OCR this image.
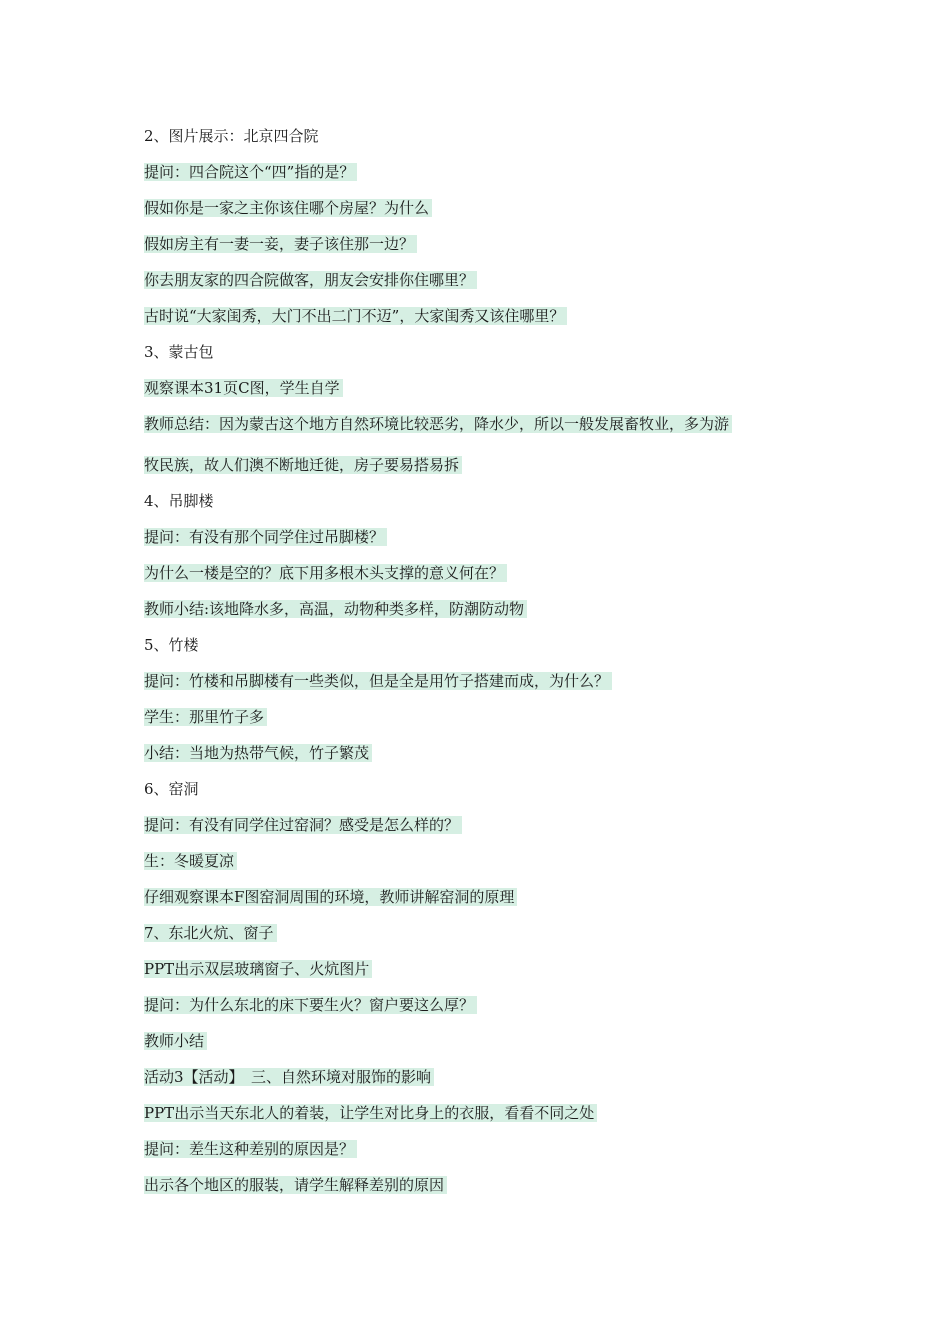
2、图片展示：北京四合院
提问：四合院这个“四”指的是？
假如你是一家之主你该住哪个房屋？为什么
假如房主有一妻一妾，妻子该住那一边？
你去朋友家的四合院做客，朋友会安排你住哪里？
古时说“大家闺秀，大门不出二门不迈”，大家闺秀又该住哪里？
3、蒙古包
观察课本31页C图，学生自学
教师总结：因为蒙古这个地方自然环境比较恶劣，降水少，所以一般发展畜牧业，多为游
牧民族，故人们澳不断地迁徙，房子要易搭易拆
4、吊脚楼
提问：有没有那个同学住过吊脚楼？
为什么一楼是空的？底下用多根木头支撑的意义何在？
教师小结:该地降水多，高温，动物种类多样，防潮防动物
5、竹楼
提问：竹楼和吊脚楼有一些类似，但是全是用竹子搭建而成，为什么？
学生：那里竹子多
小结：当地为热带气候，竹子繁茂
6、窑洞
提问：有没有同学住过窑洞？感受是怎么样的？
生：冬暖夏凉
仔细观察课本F图窑洞周围的环境，教师讲解窑洞的原理
7、东北火炕、窗子
PPT出示双层玻璃窗子、火炕图片
提问：为什么东北的床下要生火？窗户要这么厚？
教师小结
活动3【活动】　三、自然环境对服饰的影响
PPT出示当天东北人的着装，让学生对比身上的衣服，看看不同之处
提问：差生这种差别的原因是？
出示各个地区的服装，请学生解释差别的原因
